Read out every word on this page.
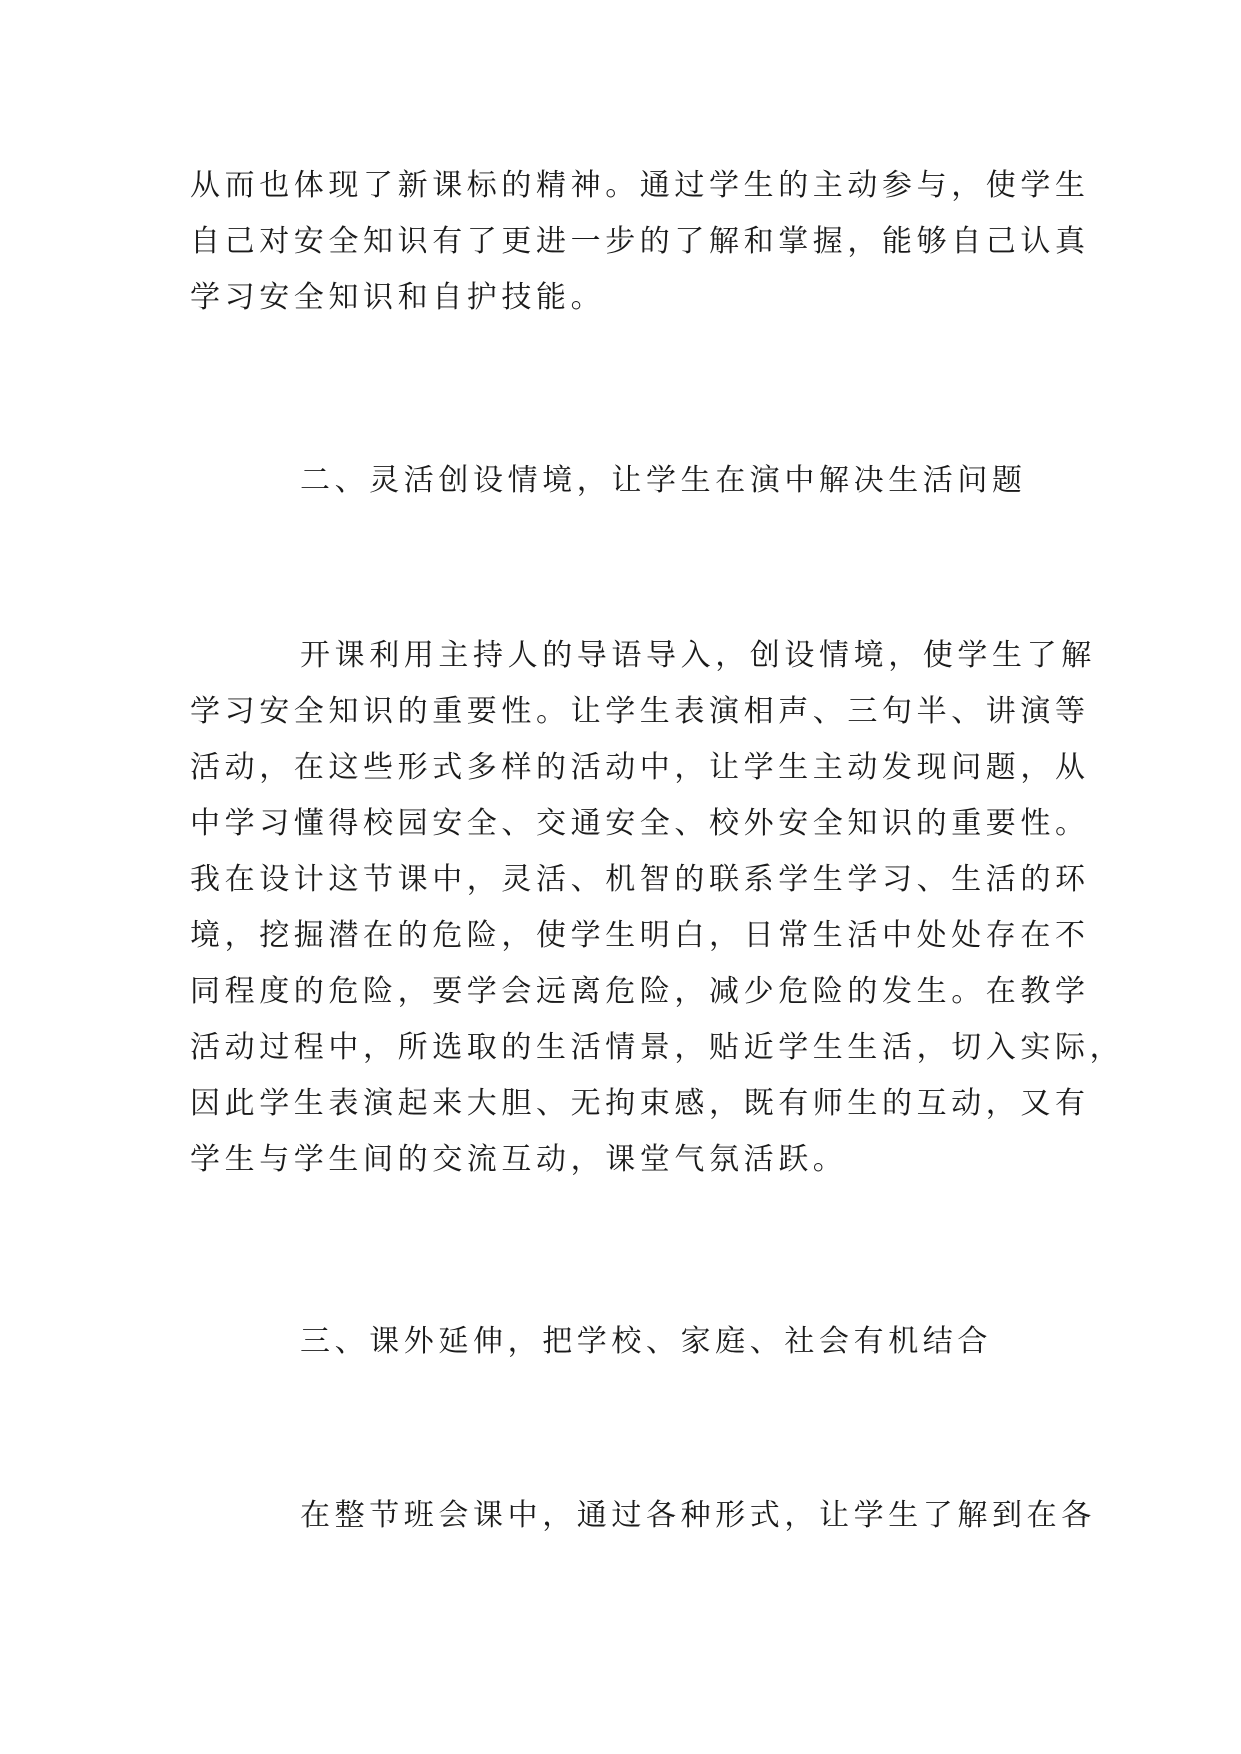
从而也体现了新课标的精神。通过学生的主动参与，使学生
自己对安全知识有了更进一步的了解和掌握，能够自己认真
学习安全知识和自护技能。
二、灵活创设情境，让学生在演中解决生活问题
开课利用主持人的导语导入，创设情境，使学生了解
学习安全知识的重要性。让学生表演相声、三句半、讲演等
活动，在这些形式多样的活动中，让学生主动发现问题，从
中学习懂得校园安全、交通安全、校外安全知识的重要性。
我在设计这节课中，灵活、机智的联系学生学习、生活的环
境，挖掘潜在的危险，使学生明白，日常生活中处处存在不
同程度的危险，要学会远离危险，减少危险的发生。在教学
活动过程中，所选取的生活情景，贴近学生生活，切入实际，
因此学生表演起来大胆、无拘束感，既有师生的互动，又有
学生与学生间的交流互动，课堂气氛活跃。
三、课外延伸，把学校、家庭、社会有机结合
在整节班会课中，通过各种形式，让学生了解到在各
